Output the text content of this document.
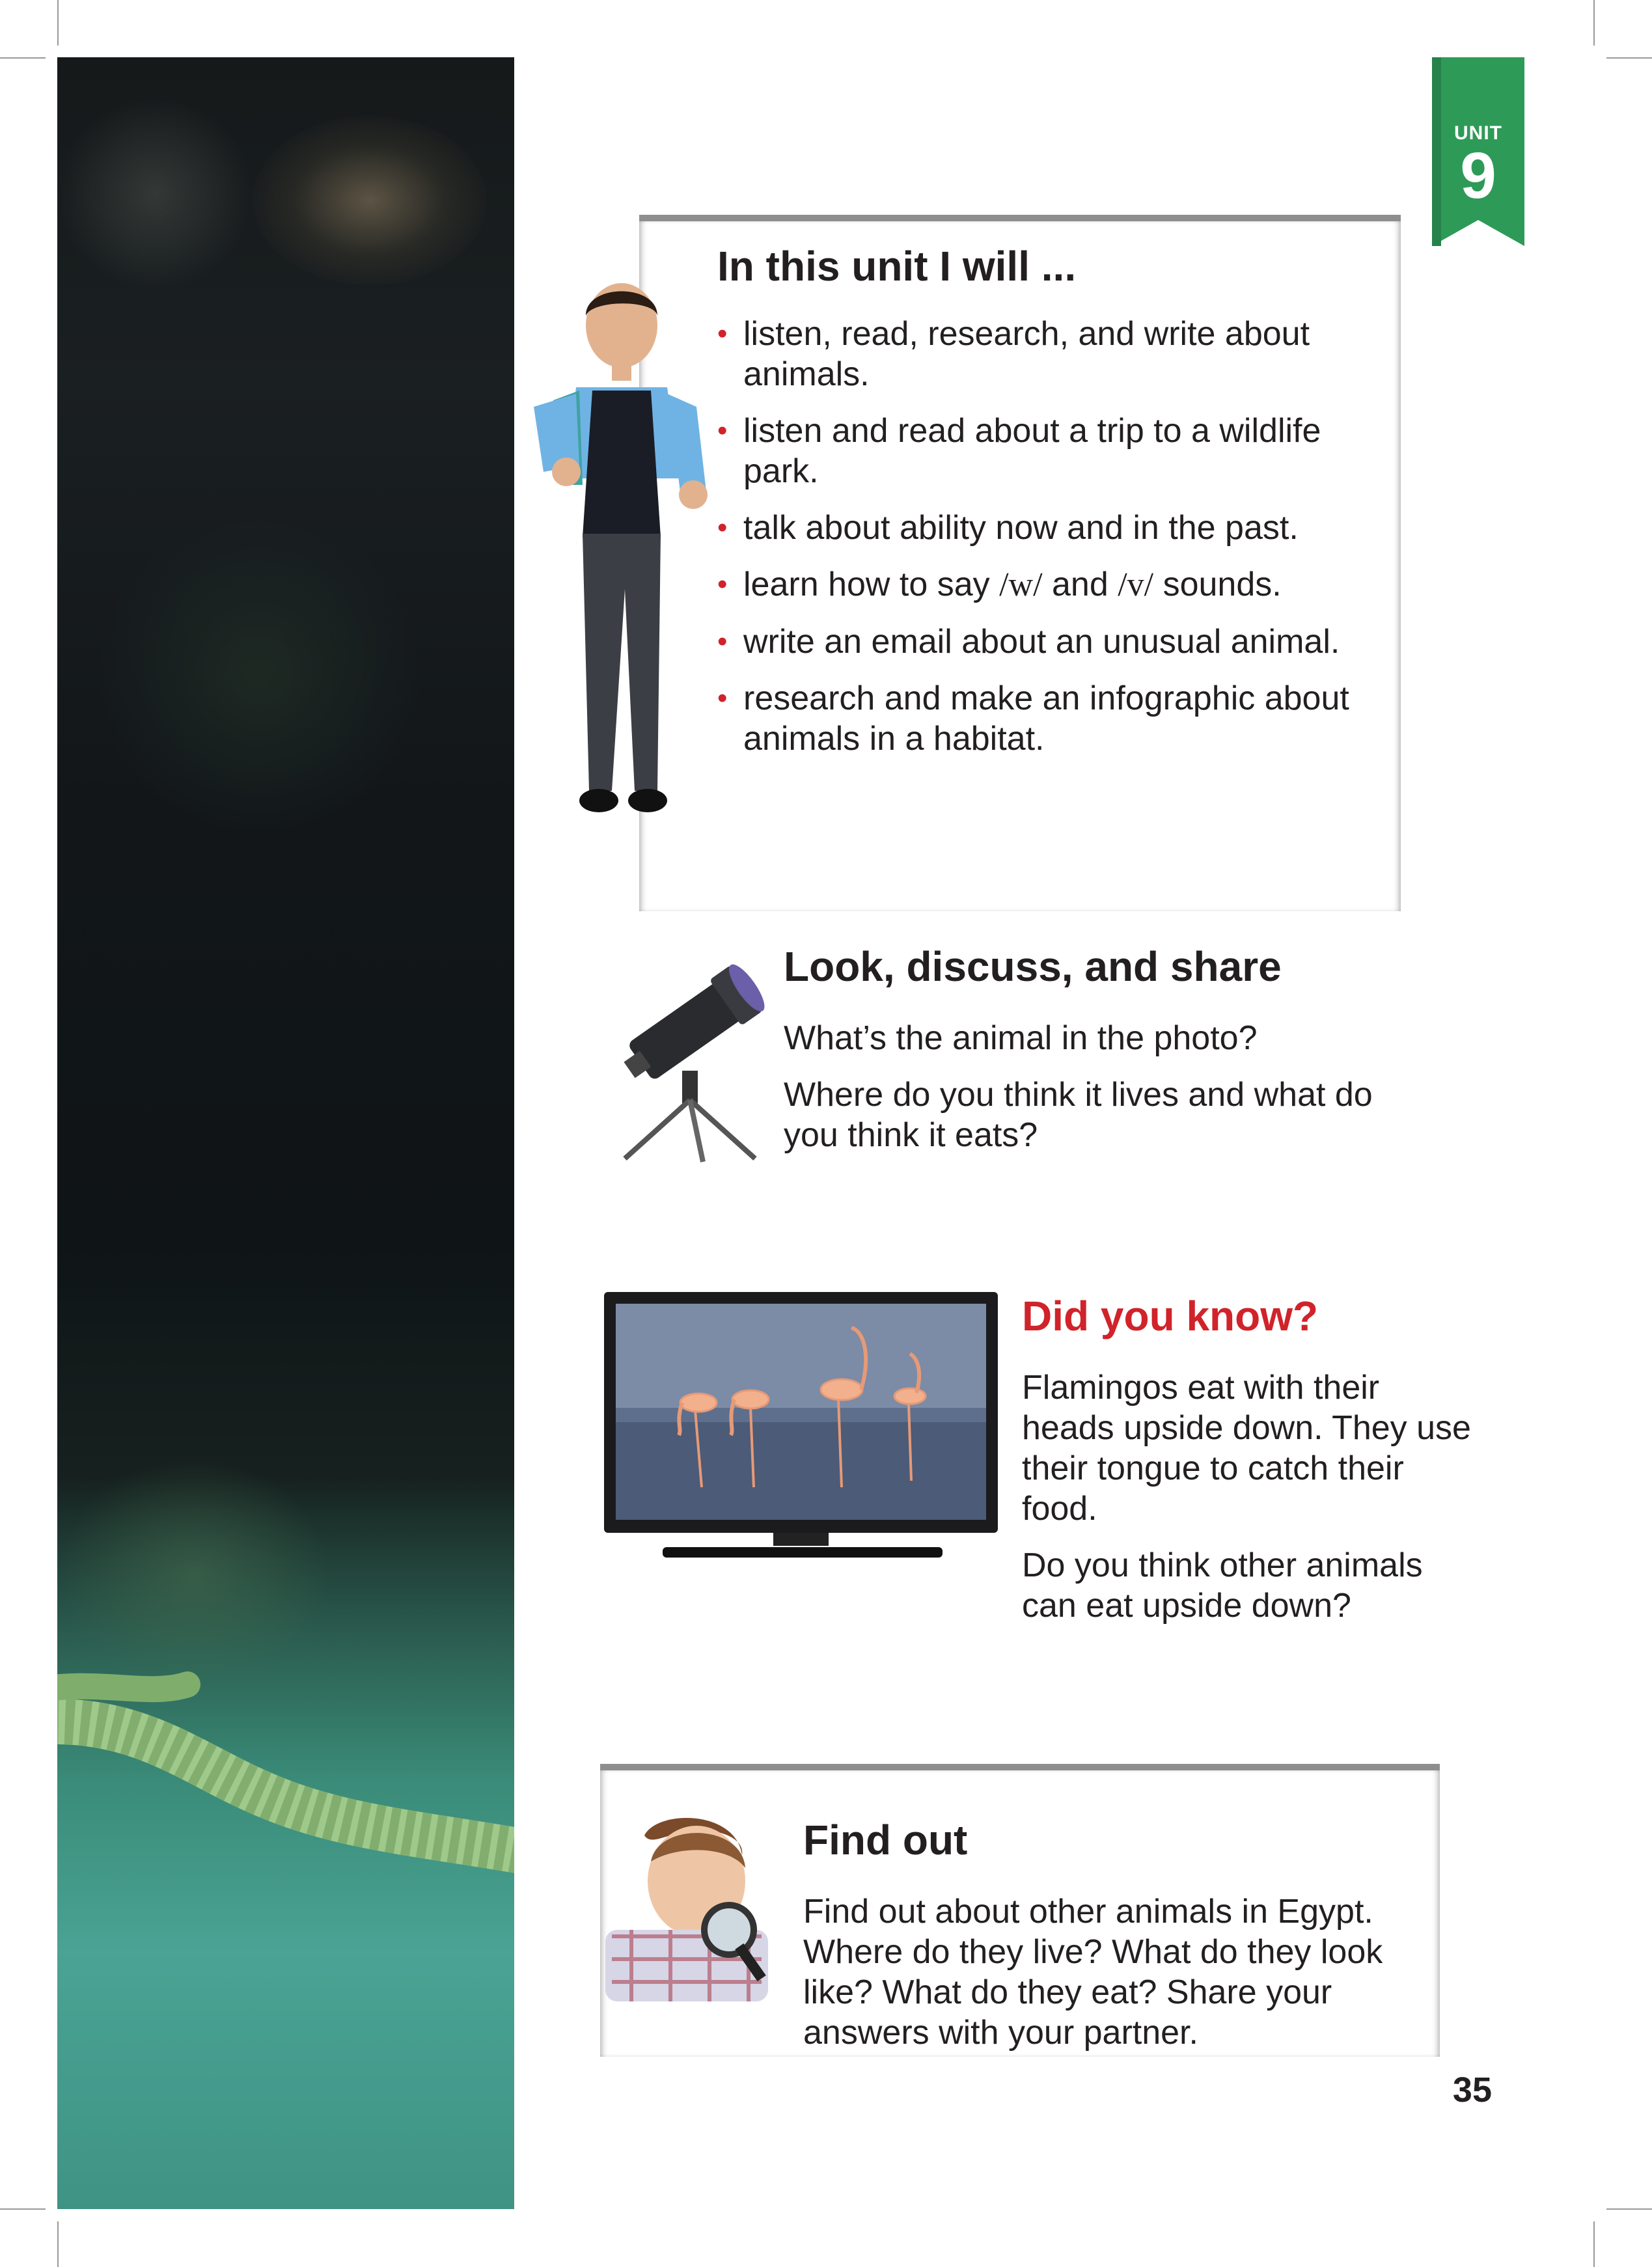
UNIT
9
In this unit I will ...
• listen, read, research, and write about animals.
• listen and read about a trip to a wildlife park.
• talk about ability now and in the past.
• learn how to say /w/ and /v/ sounds.
• write an email about an unusual animal.
• research and make an infographic about animals in a habitat.
Look, discuss, and share

What’s the animal in the photo?

Where do you think it lives and what do you think it eats?

Did you know?

Flamingos eat with their heads upside down. They use their tongue to catch their food.

Do you think other animals can eat upside down?

Find out

Find out about other animals in Egypt. Where do they live? What do they look like? What do they eat? Share your answers with your partner.

35
